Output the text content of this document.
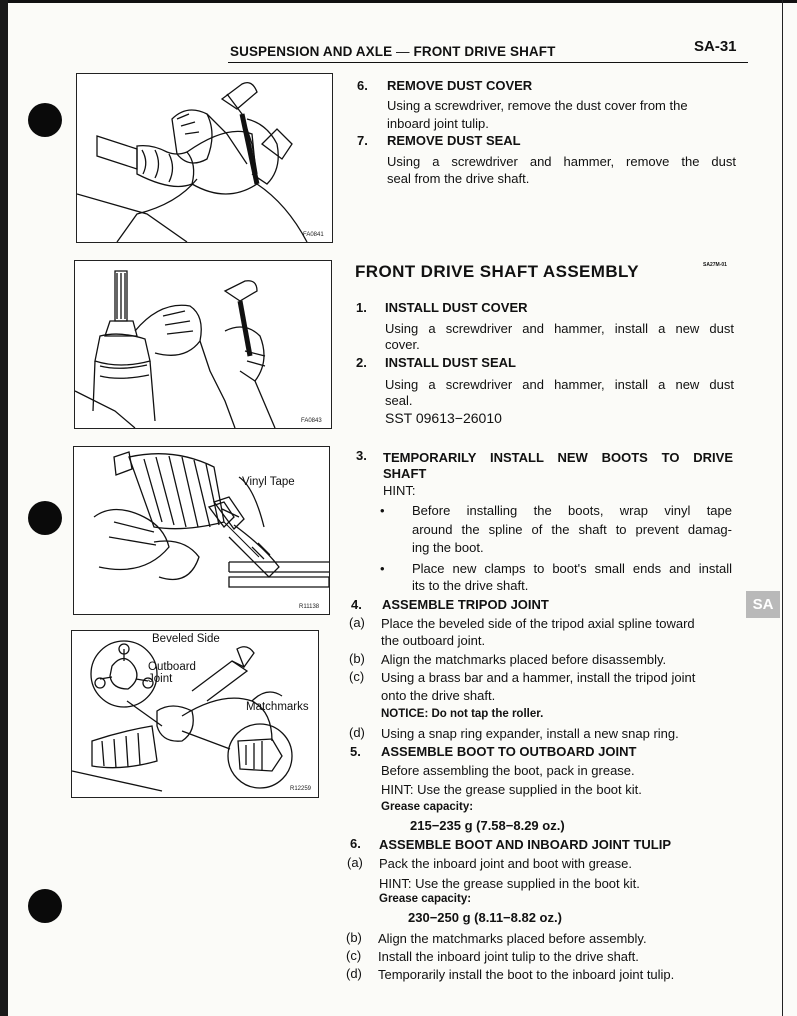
SUSPENSION AND AXLE — FRONT DRIVE SHAFT	SA-31
FA0841
FA0843
Vinyl Tape
R11138
Beveled Side
Outboard
Joint
Matchmarks
R12259
6. REMOVE DUST COVER
Using a screwdriver, remove the dust cover from the
inboard joint tulip.
7. REMOVE DUST SEAL
Using a screwdriver and hammer, remove the dust
seal from the drive shaft.
FRONT DRIVE SHAFT ASSEMBLY	SA27M-01
1. INSTALL DUST COVER
Using a screwdriver and hammer, install a new dust
cover.
2. INSTALL DUST SEAL
Using a screwdriver and hammer, install a new dust
seal.
SST 09613−26010
3. TEMPORARILY INSTALL NEW BOOTS TO DRIVE
SHAFT
HINT:
• Before installing the boots, wrap vinyl tape
around the spline of the shaft to prevent damag-
ing the boot.
• Place new clamps to boot's small ends and install
its to the drive shaft.
4. ASSEMBLE TRIPOD JOINT
(a) Place the beveled side of the tripod axial spline toward
the outboard joint.
(b) Align the matchmarks placed before disassembly.
(c) Using a brass bar and a hammer, install the tripod joint
onto the drive shaft.
NOTICE: Do not tap the roller.
(d) Using a snap ring expander, install a new snap ring.
5. ASSEMBLE BOOT TO OUTBOARD JOINT
Before assembling the boot, pack in grease.
HINT: Use the grease supplied in the boot kit.
Grease capacity:
215−235 g (7.58−8.29 oz.)
6. ASSEMBLE BOOT AND INBOARD JOINT TULIP
(a) Pack the inboard joint and boot with grease.
HINT: Use the grease supplied in the boot kit.
Grease capacity:
230−250 g (8.11−8.82 oz.)
(b) Align the matchmarks placed before assembly.
(c) Install the inboard joint tulip to the drive shaft.
(d) Temporarily install the boot to the inboard joint tulip.
SA
